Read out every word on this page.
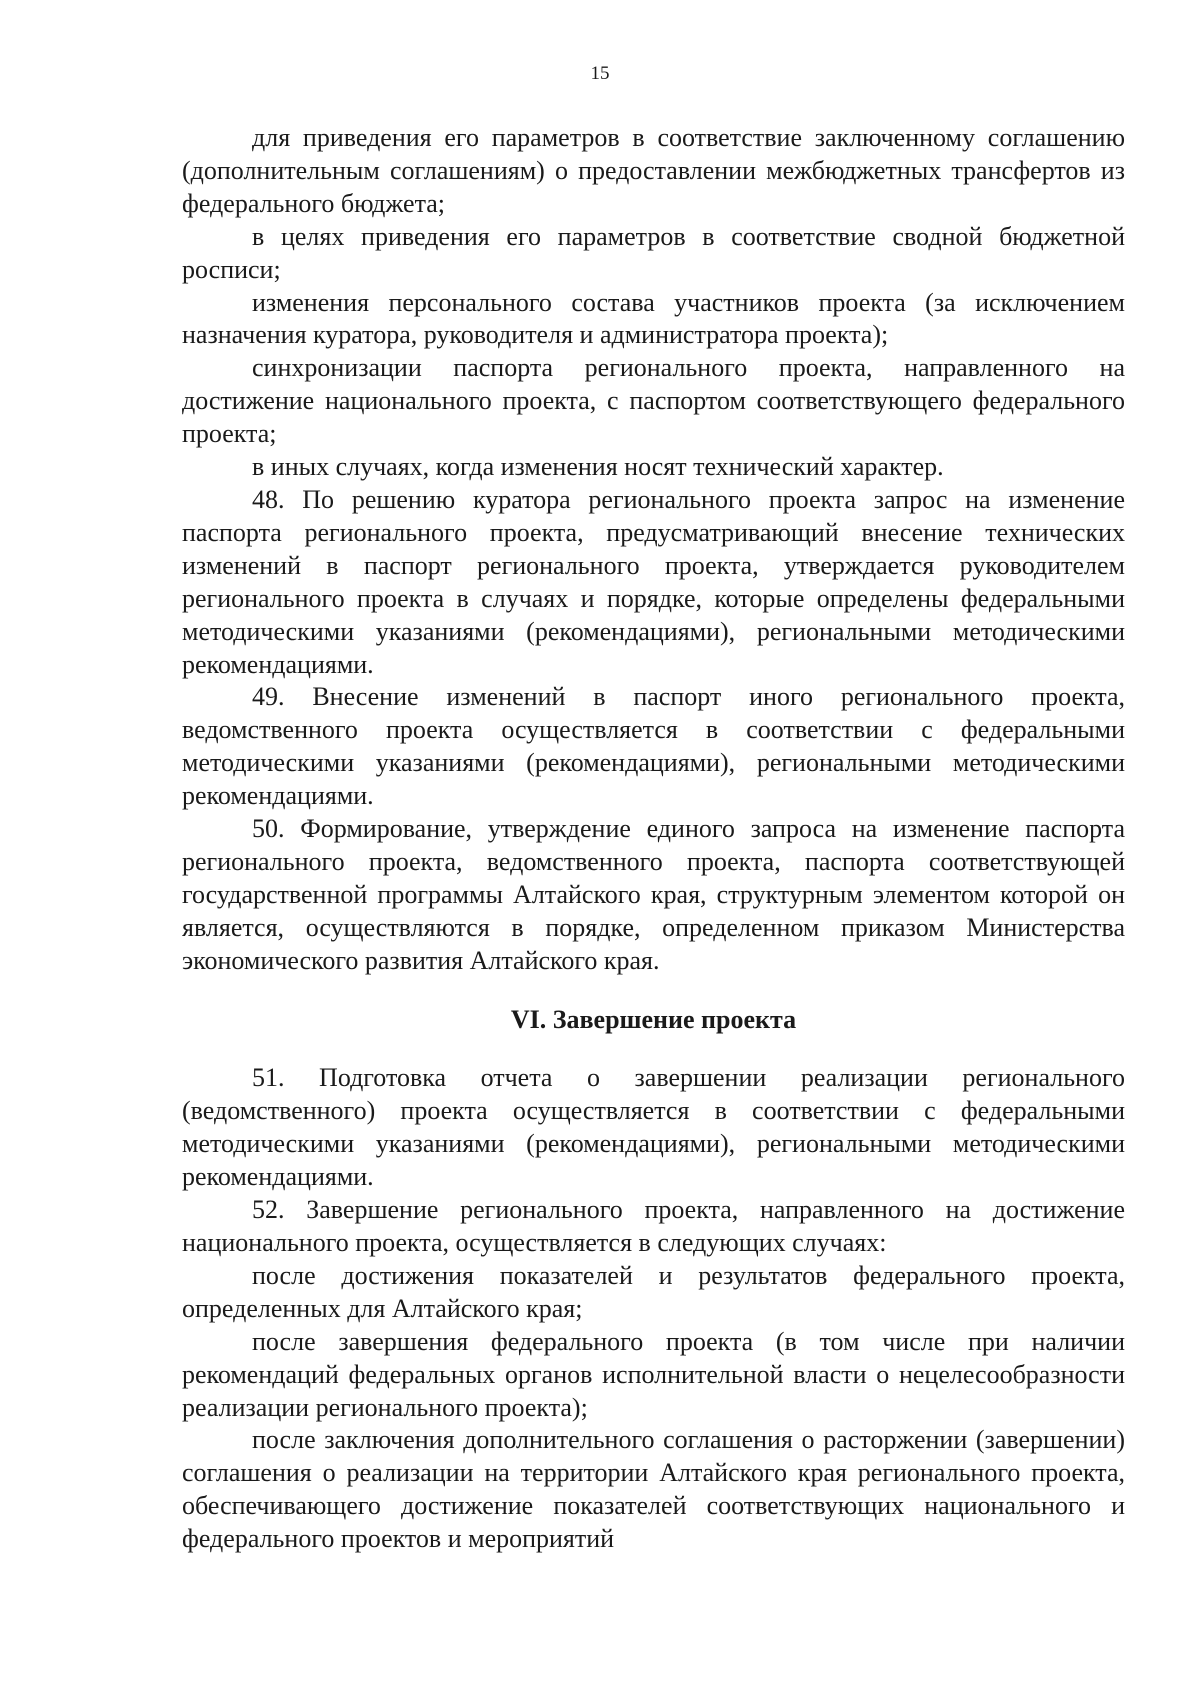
15

для приведения его параметров в соответствие заключенному соглашению (дополнительным соглашениям) о предоставлении межбюджетных трансфертов из федерального бюджета;

в целях приведения его параметров в соответствие сводной бюджетной росписи;

изменения персонального состава участников проекта (за исключением назначения куратора, руководителя и администратора проекта);

синхронизации паспорта регионального проекта, направленного на достижение национального проекта, с паспортом соответствующего федерального проекта;

в иных случаях, когда изменения носят технический характер.

48. По решению куратора регионального проекта запрос на изменение паспорта регионального проекта, предусматривающий внесение технических изменений в паспорт регионального проекта, утверждается руководителем регионального проекта в случаях и порядке, которые определены федеральными методическими указаниями (рекомендациями), региональными методическими рекомендациями.

49. Внесение изменений в паспорт иного регионального проекта, ведомственного проекта осуществляется в соответствии с федеральными методическими указаниями (рекомендациями), региональными методическими рекомендациями.

50. Формирование, утверждение единого запроса на изменение паспорта регионального проекта, ведомственного проекта, паспорта соответствующей государственной программы Алтайского края, структурным элементом которой он является, осуществляются в порядке, определенном приказом Министерства экономического развития Алтайского края.

VI. Завершение проекта

51. Подготовка отчета о завершении реализации регионального (ведомственного) проекта осуществляется в соответствии с федеральными методическими указаниями (рекомендациями), региональными методическими рекомендациями.

52. Завершение регионального проекта, направленного на достижение национального проекта, осуществляется в следующих случаях:

после достижения показателей и результатов федерального проекта, определенных для Алтайского края;

после завершения федерального проекта (в том числе при наличии рекомендаций федеральных органов исполнительной власти о нецелесообразности реализации регионального проекта);

после заключения дополнительного соглашения о расторжении (завершении) соглашения о реализации на территории Алтайского края регионального проекта, обеспечивающего достижение показателей соответствующих национального и федерального проектов и мероприятий
